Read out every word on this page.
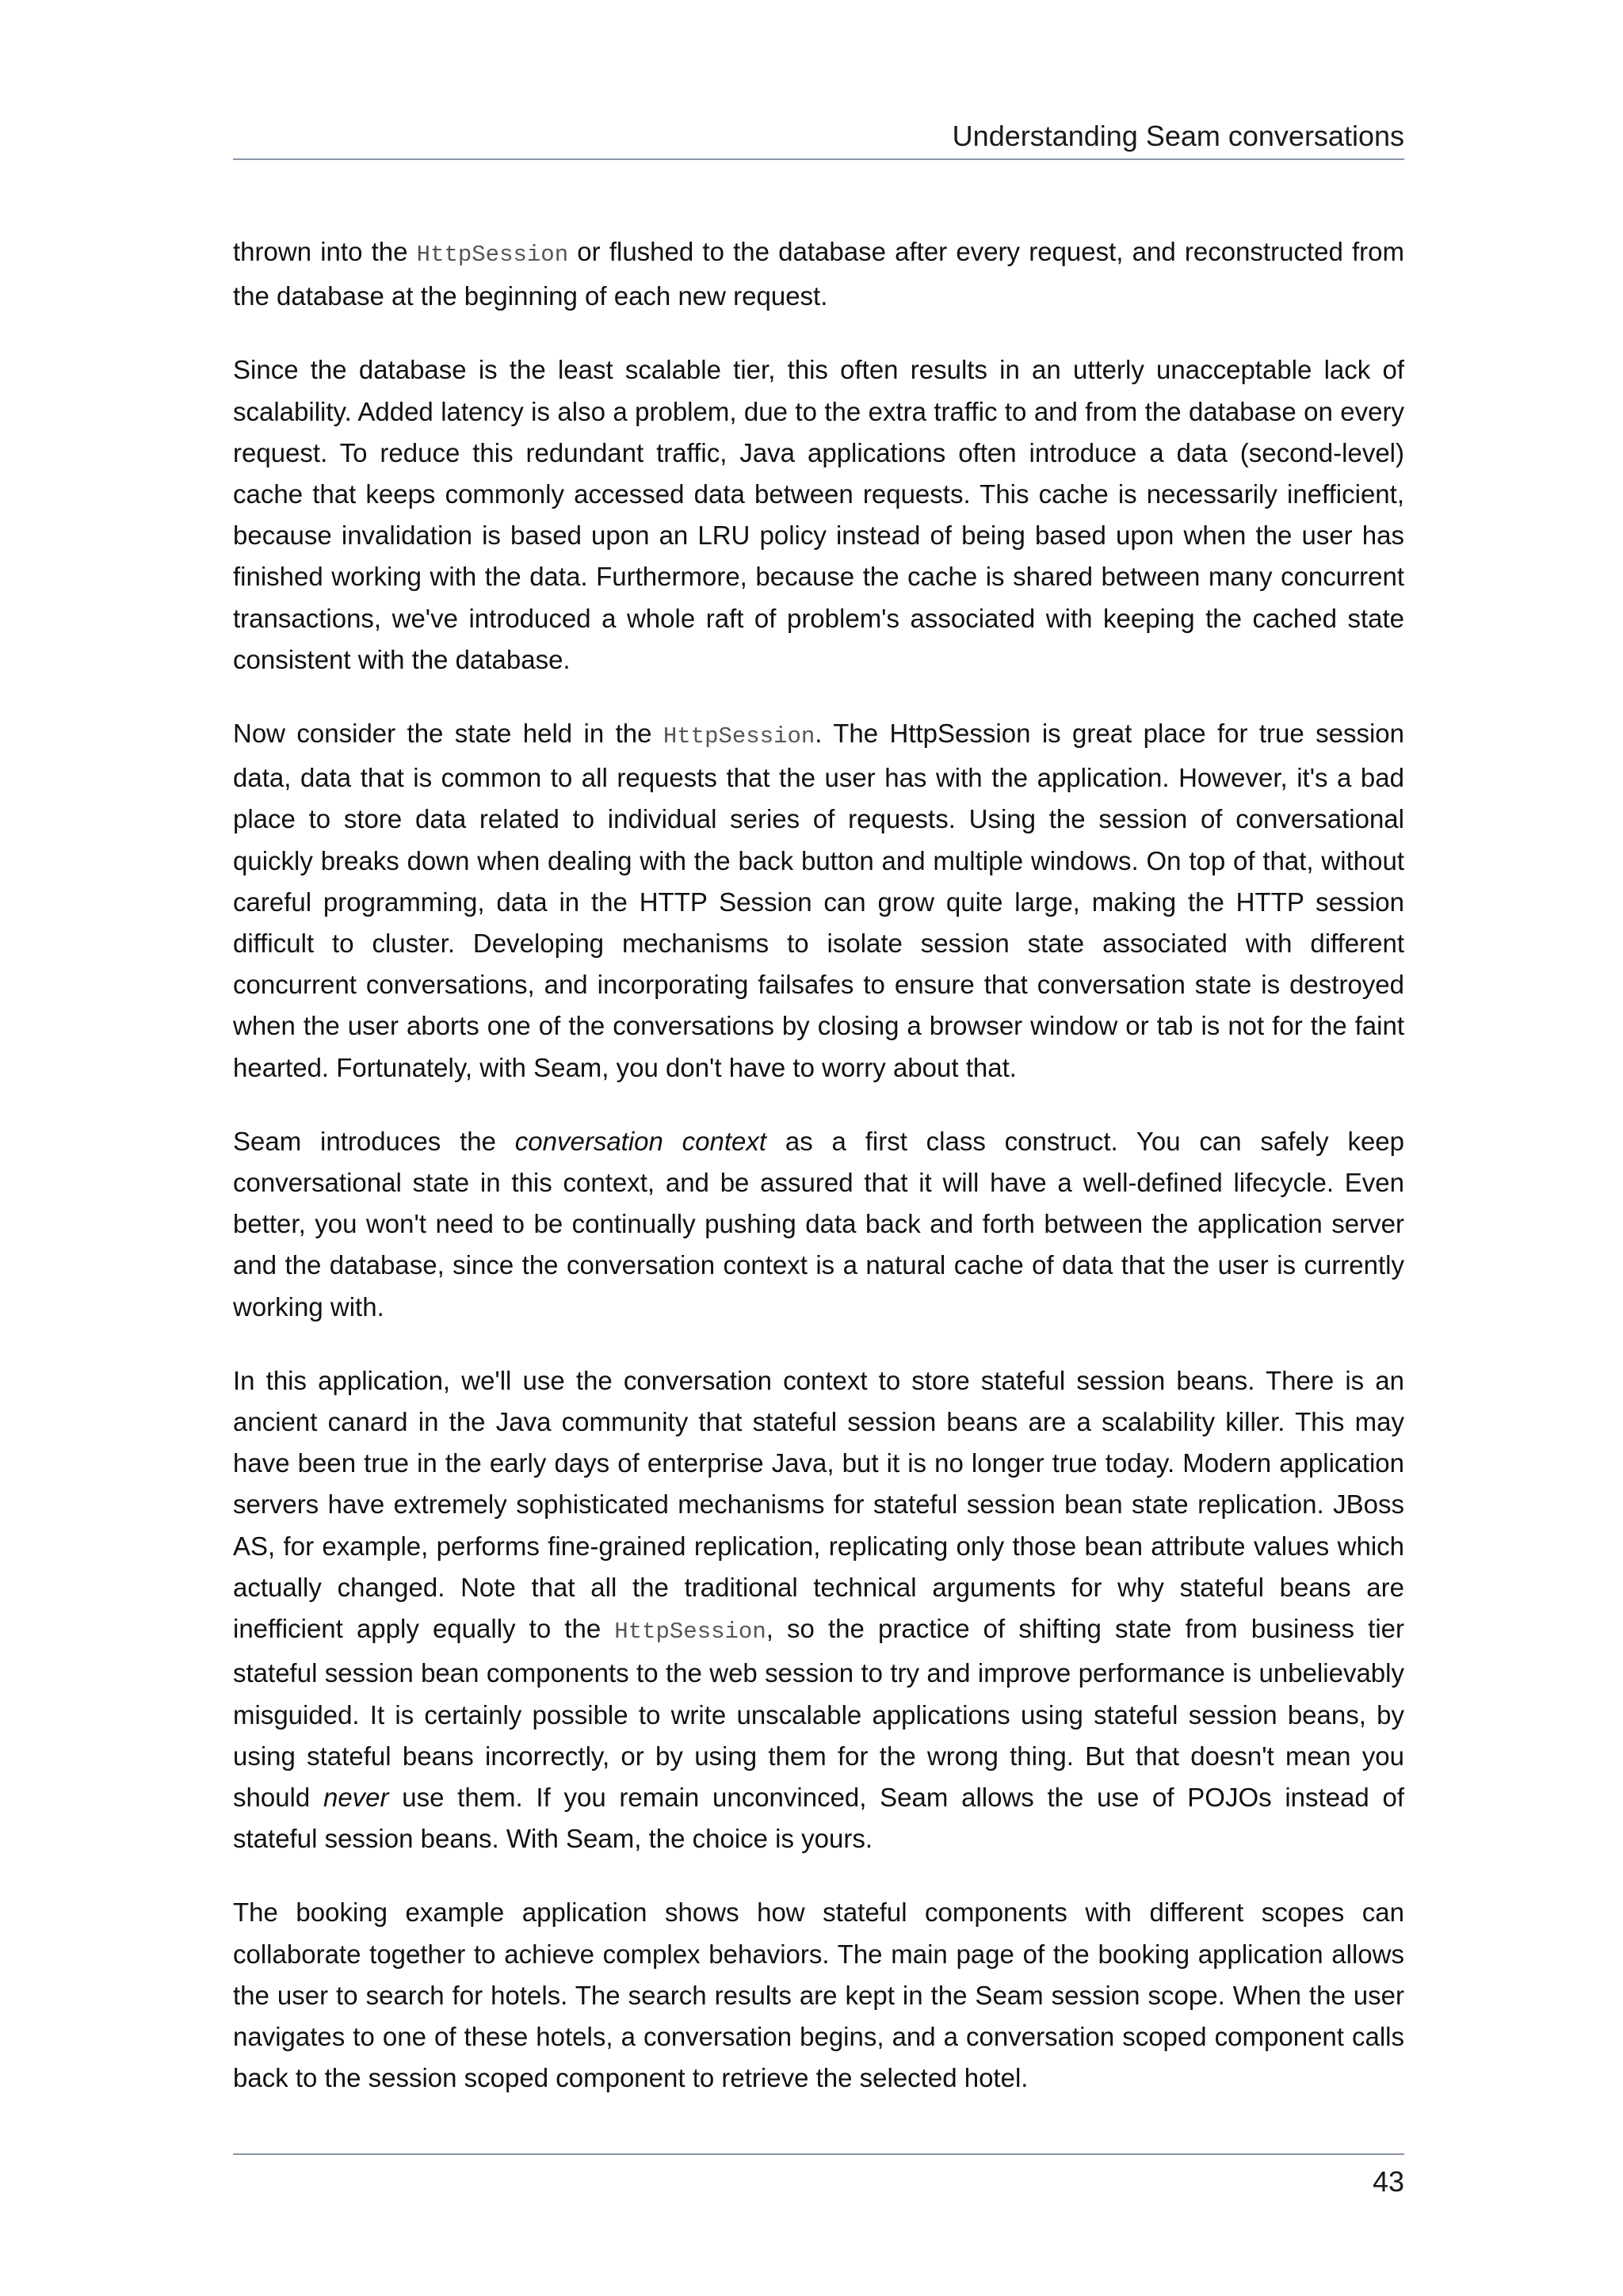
Understanding Seam conversations

thrown into the HttpSession or flushed to the database after every request, and reconstructed from the database at the beginning of each new request.

Since the database is the least scalable tier, this often results in an utterly unacceptable lack of scalability. Added latency is also a problem, due to the extra traffic to and from the database on every request. To reduce this redundant traffic, Java applications often introduce a data (second-level) cache that keeps commonly accessed data between requests. This cache is necessarily inefficient, because invalidation is based upon an LRU policy instead of being based upon when the user has finished working with the data. Furthermore, because the cache is shared between many concurrent transactions, we've introduced a whole raft of problem's associated with keeping the cached state consistent with the database.

Now consider the state held in the HttpSession. The HttpSession is great place for true session data, data that is common to all requests that the user has with the application. However, it's a bad place to store data related to individual series of requests. Using the session of conversational quickly breaks down when dealing with the back button and multiple windows. On top of that, without careful programming, data in the HTTP Session can grow quite large, making the HTTP session difficult to cluster. Developing mechanisms to isolate session state associated with different concurrent conversations, and incorporating failsafes to ensure that conversation state is destroyed when the user aborts one of the conversations by closing a browser window or tab is not for the faint hearted. Fortunately, with Seam, you don't have to worry about that.

Seam introduces the conversation context as a first class construct. You can safely keep conversational state in this context, and be assured that it will have a well-defined lifecycle. Even better, you won't need to be continually pushing data back and forth between the application server and the database, since the conversation context is a natural cache of data that the user is currently working with.

In this application, we'll use the conversation context to store stateful session beans. There is an ancient canard in the Java community that stateful session beans are a scalability killer. This may have been true in the early days of enterprise Java, but it is no longer true today. Modern application servers have extremely sophisticated mechanisms for stateful session bean state replication. JBoss AS, for example, performs fine-grained replication, replicating only those bean attribute values which actually changed. Note that all the traditional technical arguments for why stateful beans are inefficient apply equally to the HttpSession, so the practice of shifting state from business tier stateful session bean components to the web session to try and improve performance is unbelievably misguided. It is certainly possible to write unscalable applications using stateful session beans, by using stateful beans incorrectly, or by using them for the wrong thing. But that doesn't mean you should never use them. If you remain unconvinced, Seam allows the use of POJOs instead of stateful session beans. With Seam, the choice is yours.

The booking example application shows how stateful components with different scopes can collaborate together to achieve complex behaviors. The main page of the booking application allows the user to search for hotels. The search results are kept in the Seam session scope. When the user navigates to one of these hotels, a conversation begins, and a conversation scoped component calls back to the session scoped component to retrieve the selected hotel.

43
